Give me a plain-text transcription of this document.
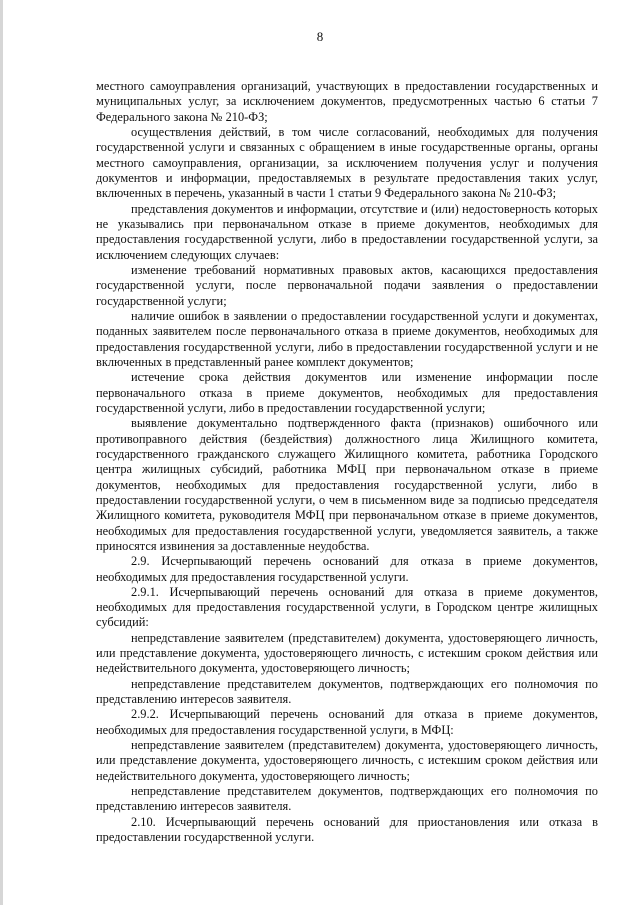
8

местного самоуправления организаций, участвующих в предоставлении государственных и муниципальных услуг, за исключением документов, предусмотренных частью 6 статьи 7 Федерального закона № 210-ФЗ;

осуществления действий, в том числе согласований, необходимых для получения государственной услуги и связанных с обращением в иные государственные органы, органы местного самоуправления, организации, за исключением получения услуг и получения документов и информации, предоставляемых в результате предоставления таких услуг, включенных в перечень, указанный в части 1 статьи 9 Федерального закона № 210-ФЗ;

представления документов и информации, отсутствие и (или) недостоверность которых не указывались при первоначальном отказе в приеме документов, необходимых для предоставления государственной услуги, либо в предоставлении государственной услуги, за исключением следующих случаев:

изменение требований нормативных правовых актов, касающихся предоставления государственной услуги, после первоначальной подачи заявления о предоставлении государственной услуги;

наличие ошибок в заявлении о предоставлении государственной услуги и документах, поданных заявителем после первоначального отказа в приеме документов, необходимых для предоставления государственной услуги, либо в предоставлении государственной услуги и не включенных в представленный ранее комплект документов;

истечение срока действия документов или изменение информации после первоначального отказа в приеме документов, необходимых для предоставления государственной услуги, либо в предоставлении государственной услуги;

выявление документально подтвержденного факта (признаков) ошибочного или противоправного действия (бездействия) должностного лица Жилищного комитета, государственного гражданского служащего Жилищного комитета, работника Городского центра жилищных субсидий, работника МФЦ при первоначальном отказе в приеме документов, необходимых для предоставления государственной услуги, либо в предоставлении государственной услуги, о чем в письменном виде за подписью председателя Жилищного комитета, руководителя МФЦ при первоначальном отказе в приеме документов, необходимых для предоставления государственной услуги, уведомляется заявитель, а также приносятся извинения за доставленные неудобства.

2.9. Исчерпывающий перечень оснований для отказа в приеме документов, необходимых для предоставления государственной услуги.

2.9.1. Исчерпывающий перечень оснований для отказа в приеме документов, необходимых для предоставления государственной услуги, в Городском центре жилищных субсидий:

непредставление заявителем (представителем) документа, удостоверяющего личность, или представление документа, удостоверяющего личность, с истекшим сроком действия или недействительного документа, удостоверяющего личность;

непредставление представителем документов, подтверждающих его полномочия по представлению интересов заявителя.

2.9.2. Исчерпывающий перечень оснований для отказа в приеме документов, необходимых для предоставления государственной услуги, в МФЦ:

непредставление заявителем (представителем) документа, удостоверяющего личность, или представление документа, удостоверяющего личность, с истекшим сроком действия или недействительного документа, удостоверяющего личность;

непредставление представителем документов, подтверждающих его полномочия по представлению интересов заявителя.

2.10. Исчерпывающий перечень оснований для приостановления или отказа в предоставлении государственной услуги.
